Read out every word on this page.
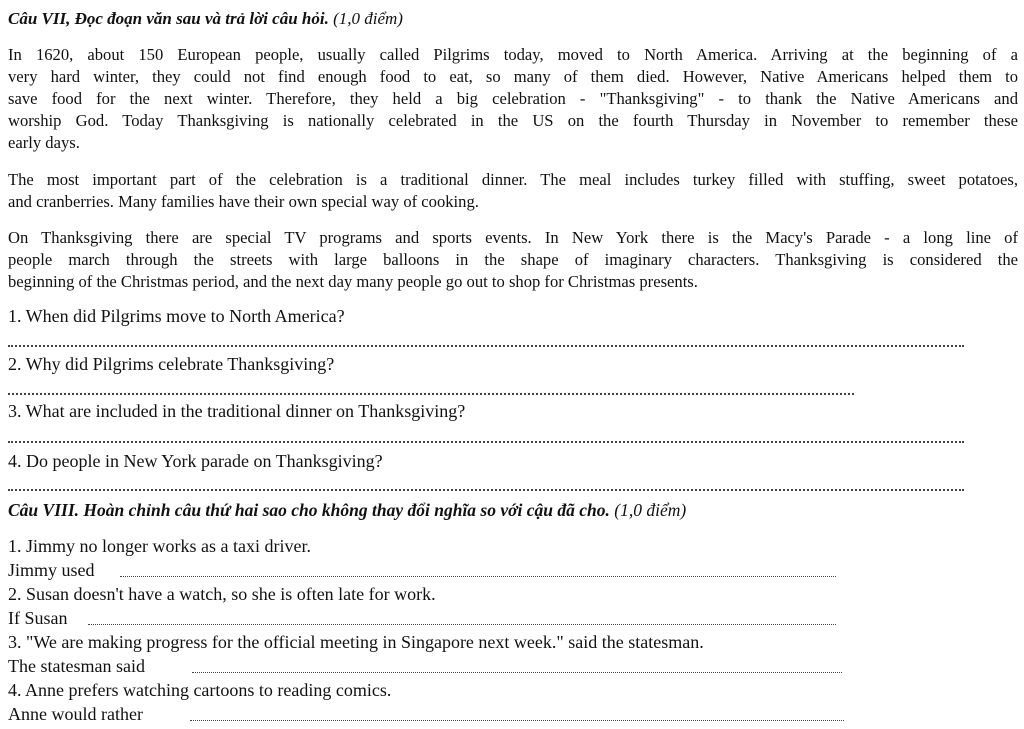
Câu VII, Đọc đoạn văn sau và trả lời câu hỏi. (1,0 điểm)
In 1620, about 150 European people, usually called Pilgrims today, moved to North America. Arriving at the beginning of a
very hard winter, they could not find enough food to eat, so many of them died. However, Native Americans helped them to
save food for the next winter. Therefore, they held a big celebration - "Thanksgiving" - to thank the Native Americans and
worship God. Today Thanksgiving is nationally celebrated in the US on the fourth Thursday in November to remember these
early days.
The most important part of the celebration is a traditional dinner. The meal includes turkey filled with stuffing, sweet potatoes,
and cranberries. Many families have their own special way of cooking.
On Thanksgiving there are special TV programs and sports events. In New York there is the Macy's Parade - a long line of
people march through the streets with large balloons in the shape of imaginary characters. Thanksgiving is considered the
beginning of the Christmas period, and the next day many people go out to shop for Christmas presents.
1. When did Pilgrims move to North America?
2. Why did Pilgrims celebrate Thanksgiving?
3. What are included in the traditional dinner on Thanksgiving?
4. Do people in New York parade on Thanksgiving?
Câu VIII. Hoàn chỉnh câu thứ hai sao cho không thay đổi nghĩa so với cậu đã cho. (1,0 điểm)
1. Jimmy no longer works as a taxi driver.
Jimmy used
2. Susan doesn't have a watch, so she is often late for work.
If Susan
3. "We are making progress for the official meeting in Singapore next week." said the statesman.
The statesman said
4. Anne prefers watching cartoons to reading comics.
Anne would rather
